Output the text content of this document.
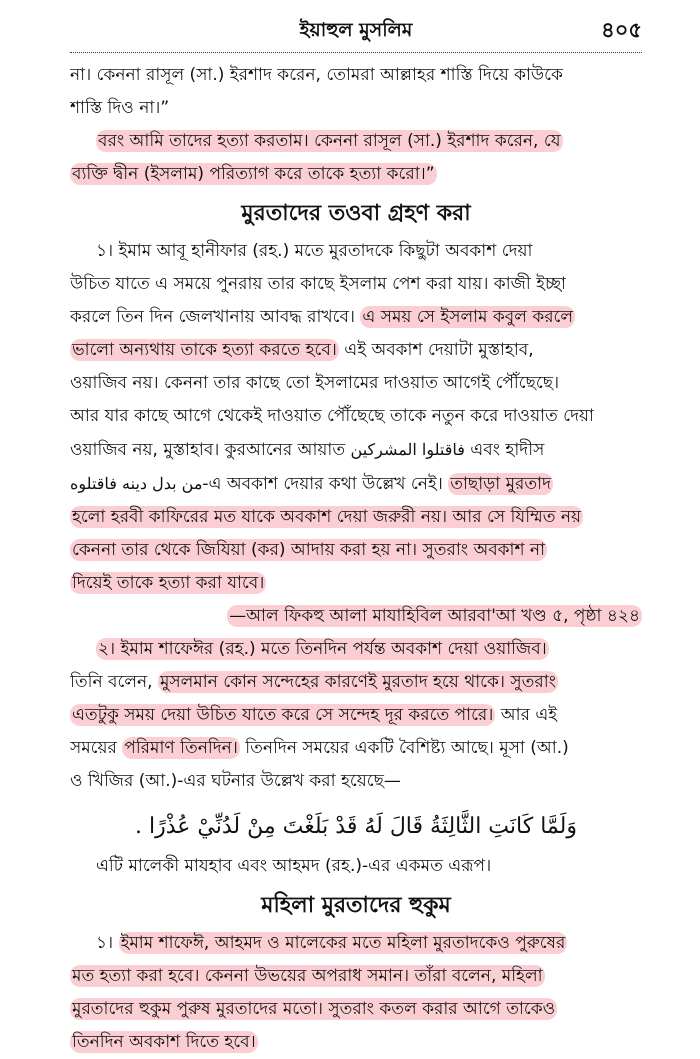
ইয়াহুল মুসলিম	৪০৫
না। কেননা রাসূল (সা.) ইরশাদ করেন, তোমরা আল্লাহর শাস্তি দিয়ে কাউকে
শাস্তি দিও না।”
বরং আমি তাদের হত্যা করতাম। কেননা রাসূল (সা.) ইরশাদ করেন, যে
ব্যক্তি দ্বীন (ইসলাম) পরিত্যাগ করে তাকে হত্যা করো।”
মুরতাদের তওবা গ্রহণ করা
১। ইমাম আবূ হানীফার (রহ.) মতে মুরতাদকে কিছুটা অবকাশ দেয়া
উচিত যাতে এ সময়ে পুনরায় তার কাছে ইসলাম পেশ করা যায়। কাজী ইচ্ছা
করলে তিন দিন জেলখানায় আবদ্ধ রাখবে। এ সময় সে ইসলাম কবুল করলে
ভালো অন্যথায় তাকে হত্যা করতে হবে। এই অবকাশ দেয়াটা মুস্তাহাব,
ওয়াজিব নয়। কেননা তার কাছে তো ইসলামের দাওয়াত আগেই পৌঁছেছে।
আর যার কাছে আগে থেকেই দাওয়াত পৌঁছেছে তাকে নতুন করে দাওয়াত দেয়া
ওয়াজিব নয়, মুস্তাহাব। কুরআনের আয়াত فاقتلوا المشركين এবং হাদীস
من بدل دينه فاقتلوه-এ অবকাশ দেয়ার কথা উল্লেখ নেই। তাছাড়া মুরতাদ
হলো হরবী কাফিরের মত যাকে অবকাশ দেয়া জরুরী নয়। আর সে যিম্মিত নয়
কেননা তার থেকে জিযিয়া (কর) আদায় করা হয় না। সুতরাং অবকাশ না
দিয়েই তাকে হত্যা করা যাবে।
—আল ফিকহু আলা মাযাহিবিল আরবা'আ খণ্ড ৫, পৃষ্ঠা ৪২৪
২। ইমাম শাফেঈর (রহ.) মতে তিনদিন পর্যন্ত অবকাশ দেয়া ওয়াজিব।
তিনি বলেন, মুসলমান কোন সন্দেহের কারণেই মুরতাদ হয়ে থাকে। সুতরাং
এতটুকু সময় দেয়া উচিত যাতে করে সে সন্দেহ দূর করতে পারে। আর এই
সময়ের পরিমাণ তিনদিন। তিনদিন সময়ের একটি বৈশিষ্ট্য আছে। মূসা (আ.)
ও খিজির (আ.)-এর ঘটনার উল্লেখ করা হয়েছে—
وَلَمَّا كَانَتِ الثَّالِثَةُ قَالَ لَهُ قَدْ بَلَغْتَ مِنْ لَدُنِّيْ عُذْرًا .
এটি মালেকী মাযহাব এবং আহমদ (রহ.)-এর একমত এরূপ।
মহিলা মুরতাদের হুকুম
১। ইমাম শাফেঈ, আহমদ ও মালেকের মতে মহিলা মুরতাদকেও পুরুষের
মত হত্যা করা হবে। কেননা উভয়ের অপরাধ সমান। তাঁরা বলেন, মহিলা
মুরতাদের হুকুম পুরুষ মুরতাদের মতো। সুতরাং কতল করার আগে তাকেও
তিনদিন অবকাশ দিতে হবে।
